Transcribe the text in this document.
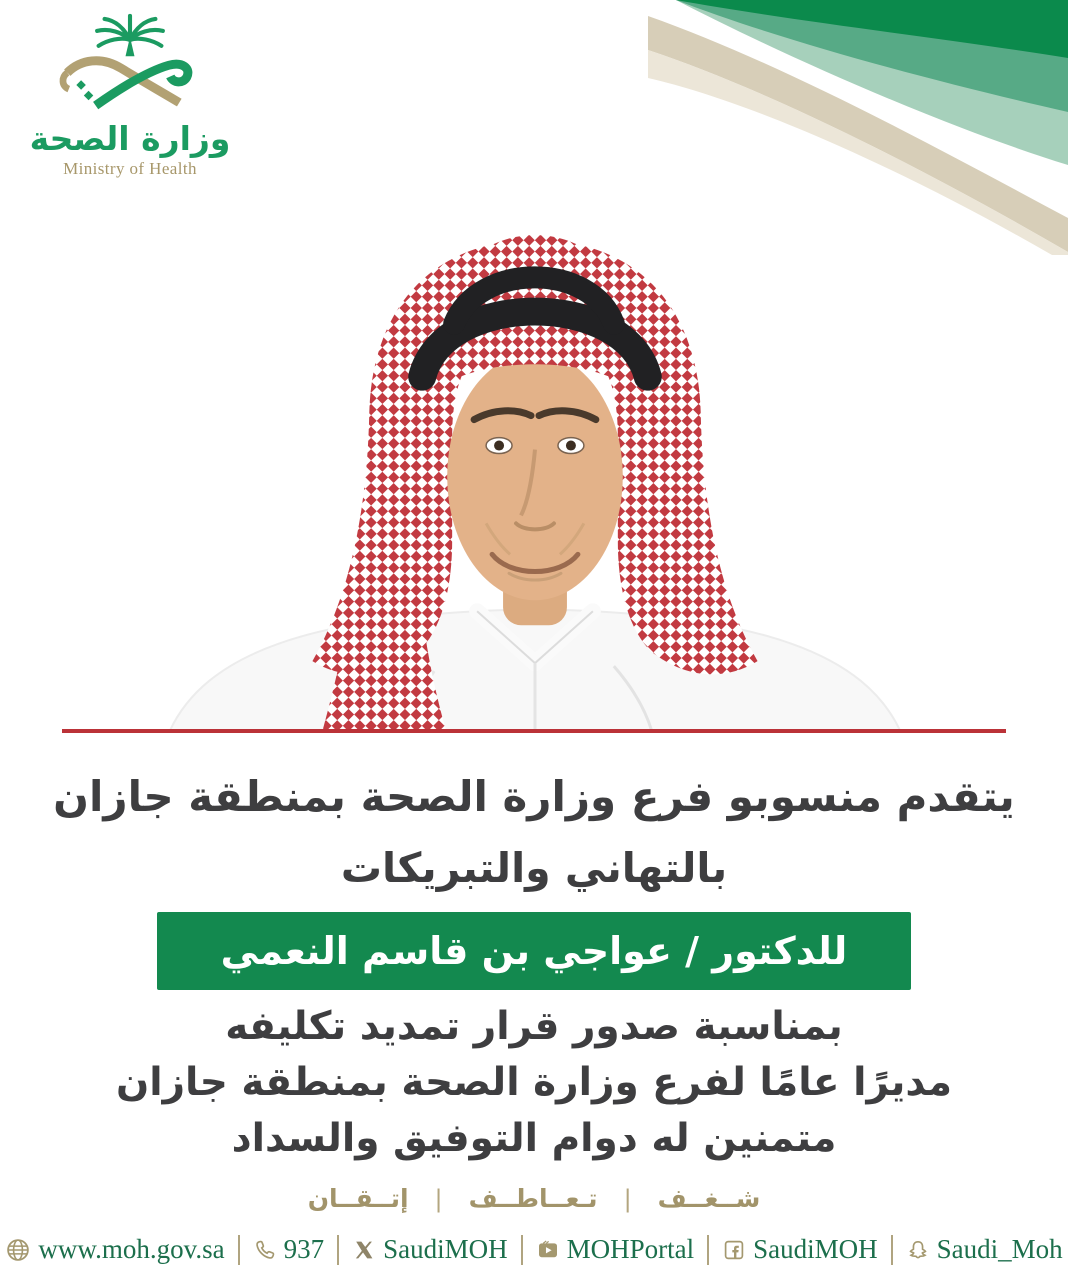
وزارة الصحة
Ministry of Health
يتقدم منسوبو فرع وزارة الصحة بمنطقة جازان
بالتهاني والتبريكات
للدكتور / عواجي بن قاسم النعمي
بمناسبة صدور قرار تمديد تكليفه
مديرًا عامًا لفرع وزارة الصحة بمنطقة جازان
متمنين له دوام التوفيق والسداد
شــغــف
|
تـعــاطــف
|
إتــقــان
www.moh.gov.sa 937 SaudiMOH MOHPortal SaudiMOH Saudi_Moh
